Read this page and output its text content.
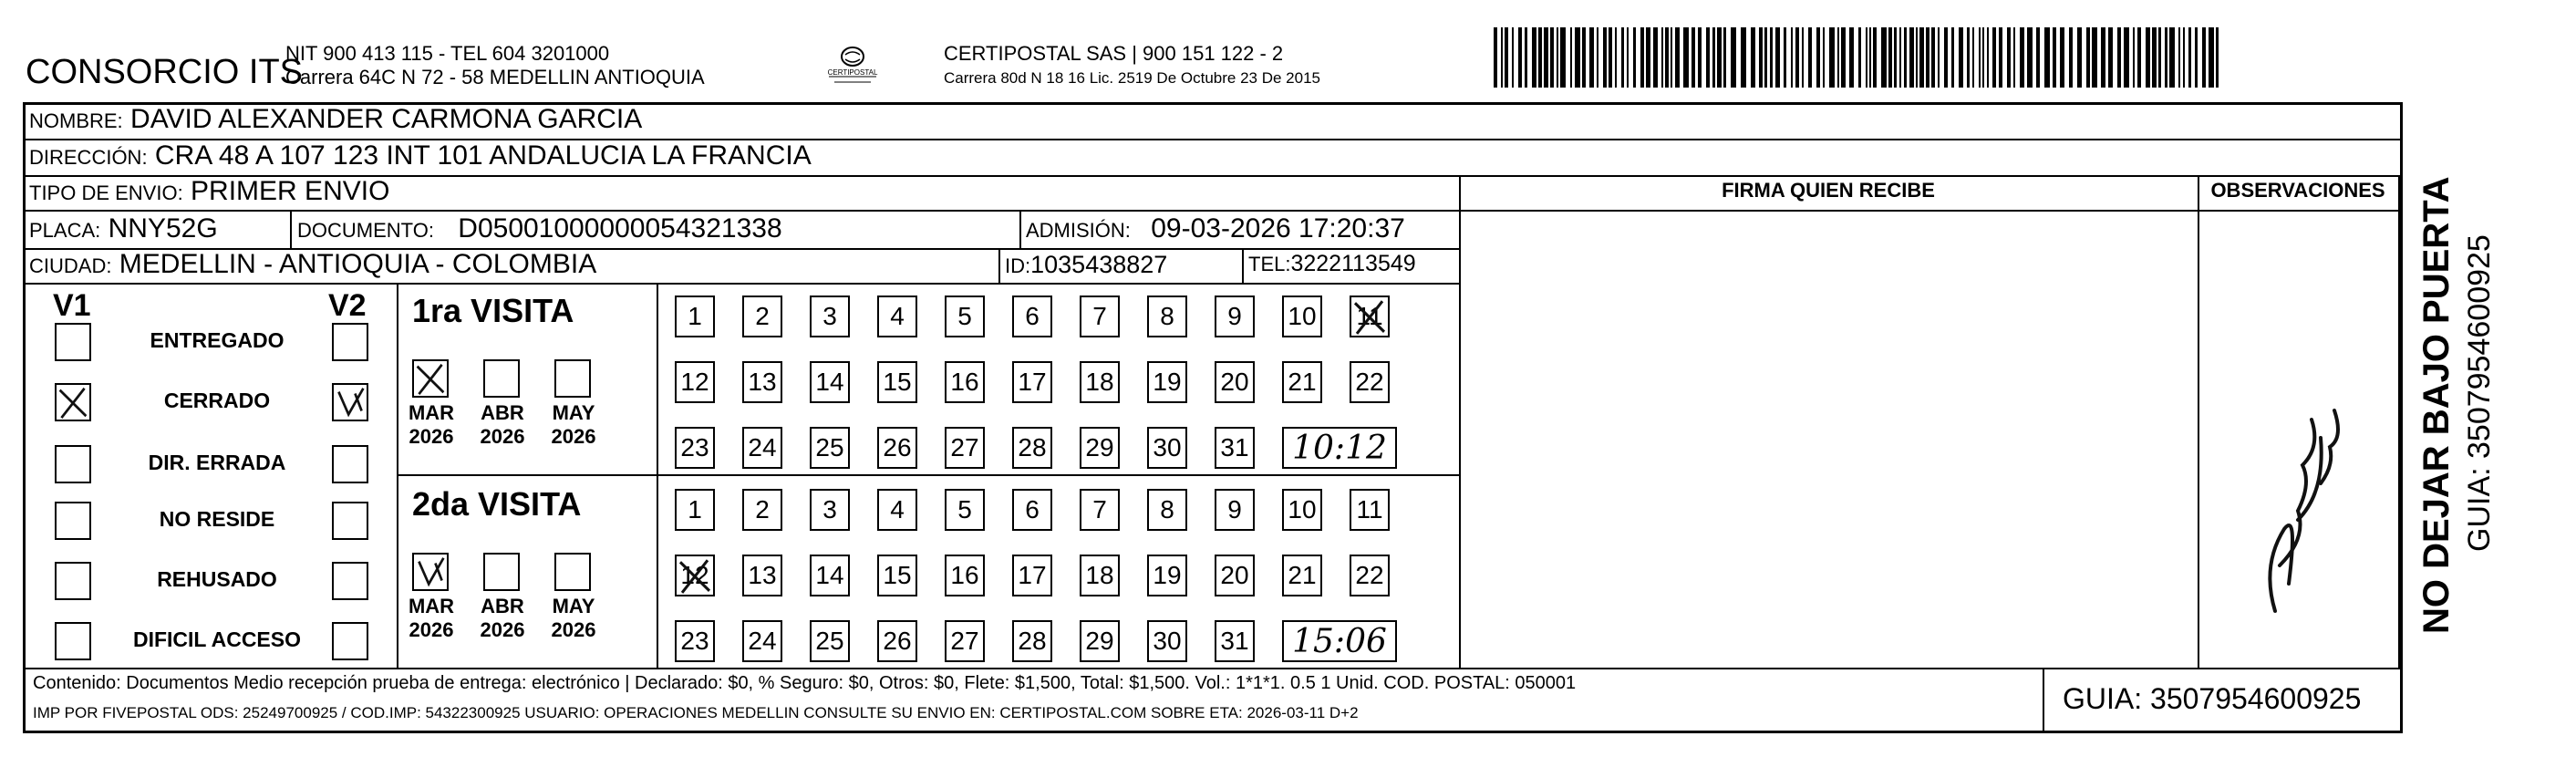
CONSORCIO ITS
NIT 900 413 115 - TEL 604 3201000
Carrera 64C N 72 - 58 MEDELLIN ANTIOQUIA	CERTIPOSTAL
CERTIPOSTAL SAS | 900 151 122 - 2
Carrera 80d N 18 16 Lic. 2519 De Octubre 23 De 2015
NOMBRE: DAVID ALEXANDER CARMONA GARCIA
DIRECCIÓN: CRA 48 A 107 123 INT 101 ANDALUCIA LA FRANCIA
TIPO DE ENVIO: PRIMER ENVIO
PLACA: NNY52G	DOCUMENTO: D05001000000054321338	ADMISIÓN: 09-03-2026 17:20:37
CIUDAD: MEDELLIN - ANTIOQUIA - COLOMBIA	ID:1035438827	TEL:3222113549
FIRMA QUIEN RECIBE	OBSERVACIONES
V1	V2
ENTREGADO
CERRADO
DIR. ERRADA
NO RESIDE
REHUSADO
DIFICIL ACCESO
1ra VISITA
MAR
2026
ABR
2026
MAY
2026
1 2 3 4 5 6 7 8 9 10 11
12 13 14 15 16 17 18 19 20 21 22
23 24 25 26 27 28 29 30 31	10:12
2da VISITA
MAR
2026
ABR
2026
MAY
2026
1 2 3 4 5 6 7 8 9 10 11
12 13 14 15 16 17 18 19 20 21 22
23 24 25 26 27 28 29 30 31	15:06
NO DEJAR BAJO PUERTA GUIA: 3507954600925
Contenido: Documentos Medio recepción prueba de entrega: electrónico | Declarado: $0, % Seguro: $0, Otros: $0, Flete: $1,500, Total: $1,500. Vol.: 1*1*1. 0.5 1 Unid. COD. POSTAL: 050001
IMP POR FIVEPOSTAL ODS: 25249700925 / COD.IMP: 54322300925 USUARIO: OPERACIONES MEDELLIN CONSULTE SU ENVIO EN: CERTIPOSTAL.COM SOBRE ETA: 2026-03-11 D+2	GUIA: 3507954600925
